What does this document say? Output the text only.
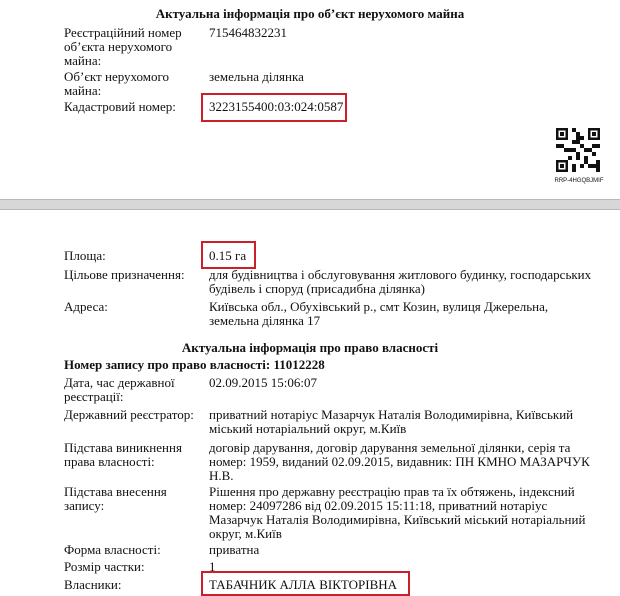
Актуальна інформація про об’єкт нерухомого майна
Реєстраційний номер
об’єкта нерухомого
майна:
715464832231
Об’єкт нерухомого
майна:
земельна ділянка
Кадастровий номер:	3223155400:03:024:0587
RRP-4HGQBJMIF
Площа:	0.15 га
Цільове призначення: для будівництва і обслуговування житлового будинку, господарських
будівель і споруд (присадибна ділянка)
Адреса:	Київська обл., Обухівський р., смт Козин, вулиця Джерельна,
земельна ділянка 17
Актуальна інформація про право власності
Номер запису про право власності: 11012228
Дата, час державної
реєстрації:
02.09.2015 15:06:07
Державний реєстратор: приватний нотаріус Мазарчук Наталія Володимирівна, Київський
міський нотаріальний округ, м.Київ
Підстава виникнення
права власності:
договір дарування, договір дарування земельної ділянки, серія та
номер: 1959, виданий 02.09.2015, видавник: ПН КМНО МАЗАРЧУК
Н.В.
Підстава внесення
запису:
Рішення про державну реєстрацію прав та їх обтяжень, індексний
номер: 24097286 від 02.09.2015 15:11:18, приватний нотаріус
Мазарчук Наталія Володимирівна, Київський міський нотаріальний
округ, м.Київ
Форма власності:	приватна
Розмір частки:	1
Власники:	ТАБАЧНИК АЛЛА ВІКТОРІВНА
